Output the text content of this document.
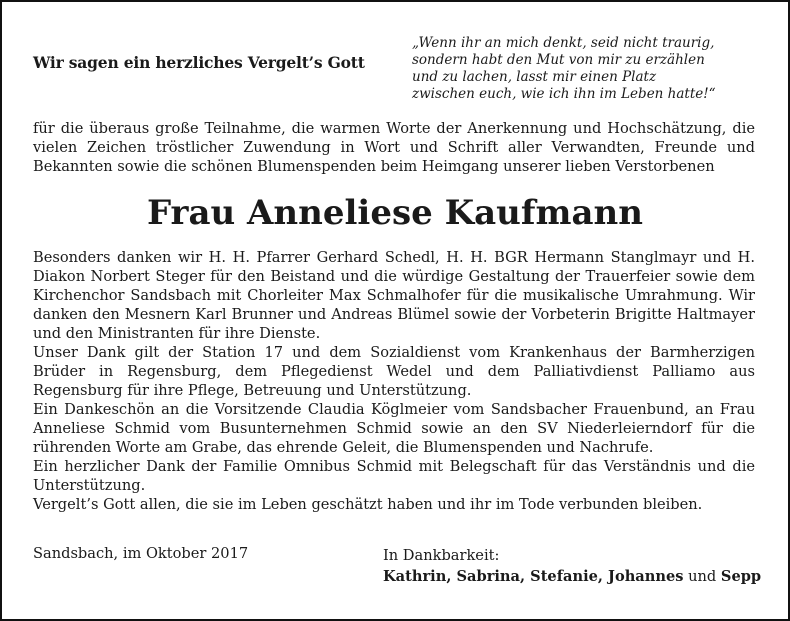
Wir sagen ein herzliches Vergelt’s Gott
„Wenn ihr an mich denkt, seid nicht traurig,
sondern habt den Mut von mir zu erzählen
und zu lachen, lasst mir einen Platz
zwischen euch, wie ich ihn im Leben hatte!“
für die überaus große Teilnahme, die warmen Worte der Anerkennung und Hochschätzung, die vielen Zeichen tröstlicher Zuwendung in Wort und Schrift aller Verwandten, Freunde und Bekannten sowie die schönen Blumenspenden beim Heimgang unserer lieben Verstorbenen
Frau Anneliese Kaufmann

Besonders danken wir H. H. Pfarrer Gerhard Schedl, H. H. BGR Hermann Stanglmayr und H. Diakon Norbert Steger für den Beistand und die würdige Gestaltung der Trauerfeier sowie dem Kirchenchor Sandsbach mit Chorleiter Max Schmalhofer für die musikalische Umrahmung. Wir danken den Mesnern Karl Brunner und Andreas Blümel sowie der Vorbeterin Brigitte Haltmayer und den Ministranten für ihre Dienste.

Unser Dank gilt der Station 17 und dem Sozialdienst vom Krankenhaus der Barmherzigen Brüder in Regensburg, dem Pflegedienst Wedel und dem Palliativdienst Palliamo aus Regensburg für ihre Pflege, Betreuung und Unterstützung.

Ein Dankeschön an die Vorsitzende Claudia Köglmeier vom Sandsbacher Frauenbund, an Frau Anneliese Schmid vom Busunternehmen Schmid sowie an den SV Niederleierndorf für die rührenden Worte am Grabe, das ehrende Geleit, die Blumenspenden und Nachrufe.

Ein herzlicher Dank der Familie Omnibus Schmid mit Belegschaft für das Verständnis und die Unterstützung.

Vergelt’s Gott allen, die sie im Leben geschätzt haben und ihr im Tode verbunden bleiben.

Sandsbach, im Oktober 2017	In Dankbarkeit:
Kathrin, Sabrina, Stefanie, Johannes und Sepp
